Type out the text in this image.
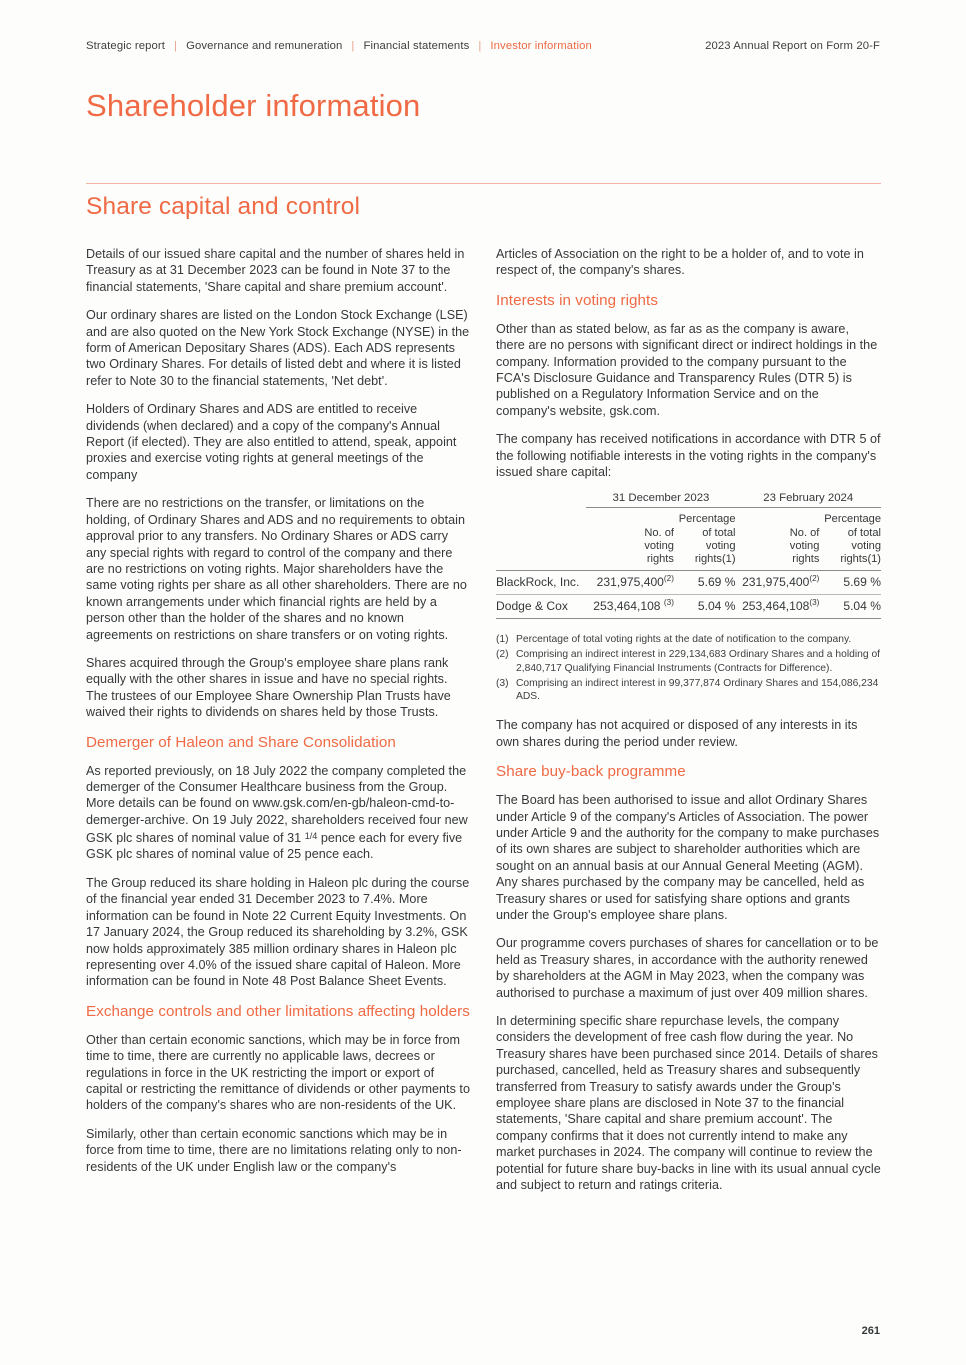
Strategic report | Governance and remuneration | Financial statements | Investor information	2023 Annual Report on Form 20-F
Shareholder information
Share capital and control

Details of our issued share capital and the number of shares held in Treasury as at 31 December 2023 can be found in Note 37 to the financial statements, 'Share capital and share premium account'.

Our ordinary shares are listed on the London Stock Exchange (LSE) and are also quoted on the New York Stock Exchange (NYSE) in the form of American Depositary Shares (ADS). Each ADS represents two Ordinary Shares. For details of listed debt and where it is listed refer to Note 30 to the financial statements, 'Net debt'.

Holders of Ordinary Shares and ADS are entitled to receive dividends (when declared) and a copy of the company's Annual Report (if elected). They are also entitled to attend, speak, appoint proxies and exercise voting rights at general meetings of the company

There are no restrictions on the transfer, or limitations on the holding, of Ordinary Shares and ADS and no requirements to obtain approval prior to any transfers. No Ordinary Shares or ADS carry any special rights with regard to control of the company and there are no restrictions on voting rights. Major shareholders have the same voting rights per share as all other shareholders. There are no known arrangements under which financial rights are held by a person other than the holder of the shares and no known agreements on restrictions on share transfers or on voting rights.

Shares acquired through the Group's employee share plans rank equally with the other shares in issue and have no special rights. The trustees of our Employee Share Ownership Plan Trusts have waived their rights to dividends on shares held by those Trusts.

Demerger of Haleon and Share Consolidation

As reported previously, on 18 July 2022 the company completed the demerger of the Consumer Healthcare business from the Group. More details can be found on www.gsk.com/en-gb/haleon-cmd-to-demerger-archive. On 19 July 2022, shareholders received four new GSK plc shares of nominal value of 31 1/4 pence each for every five GSK plc shares of nominal value of 25 pence each.

The Group reduced its share holding in Haleon plc during the course of the financial year ended 31 December 2023 to 7.4%. More information can be found in Note 22 Current Equity Investments. On 17 January 2024, the Group reduced its shareholding by 3.2%, GSK now holds approximately 385 million ordinary shares in Haleon plc representing over 4.0% of the issued share capital of Haleon. More information can be found in Note 48 Post Balance Sheet Events.

Exchange controls and other limitations affecting holders

Other than certain economic sanctions, which may be in force from time to time, there are currently no applicable laws, decrees or regulations in force in the UK restricting the import or export of capital or restricting the remittance of dividends or other payments to holders of the company's shares who are non-residents of the UK.

Similarly, other than certain economic sanctions which may be in force from time to time, there are no limitations relating only to non-residents of the UK under English law or the company's

Articles of Association on the right to be a holder of, and to vote in respect of, the company's shares.

Interests in voting rights

Other than as stated below, as far as as the company is aware, there are no persons with significant direct or indirect holdings in the company. Information provided to the company pursuant to the FCA's Disclosure Guidance and Transparency Rules (DTR 5) is published on a Regulatory Information Service and on the company's website, gsk.com.

The company has received notifications in accordance with DTR 5 of the following notifiable interests in the voting rights in the company's issued share capital:

	31 December 2023		23 February 2024	
	No. of
voting
rights	Percentage
of total
voting
rights(1)	No. of
voting
rights	Percentage
of total
voting
rights(1)
BlackRock, Inc.	231,975,400$^{(2)}$	5.69 %	231,975,400$^{(2)}$	5.69 %
Dodge & Cox	253,464,108 $^{(3)}$	5.04 %	253,464,108$^{(3)}$	5.04 %
(1) Percentage of total voting rights at the date of notification to the company.
(2) Comprising an indirect interest in 229,134,683 Ordinary Shares and a holding of 2,840,717 Qualifying Financial Instruments (Contracts for Difference).
(3) Comprising an indirect interest in 99,377,874 Ordinary Shares and 154,086,234 ADS.

The company has not acquired or disposed of any interests in its own shares during the period under review.

Share buy-back programme

The Board has been authorised to issue and allot Ordinary Shares under Article 9 of the company's Articles of Association. The power under Article 9 and the authority for the company to make purchases of its own shares are subject to shareholder authorities which are sought on an annual basis at our Annual General Meeting (AGM). Any shares purchased by the company may be cancelled, held as Treasury shares or used for satisfying share options and grants under the Group's employee share plans.

Our programme covers purchases of shares for cancellation or to be held as Treasury shares, in accordance with the authority renewed by shareholders at the AGM in May 2023, when the company was authorised to purchase a maximum of just over 409 million shares.

In determining specific share repurchase levels, the company considers the development of free cash flow during the year. No Treasury shares have been purchased since 2014. Details of shares purchased, cancelled, held as Treasury shares and subsequently transferred from Treasury to satisfy awards under the Group's employee share plans are disclosed in Note 37 to the financial statements, 'Share capital and share premium account'. The company confirms that it does not currently intend to make any market purchases in 2024. The company will continue to review the potential for future share buy-backs in line with its usual annual cycle and subject to return and ratings criteria.

261
